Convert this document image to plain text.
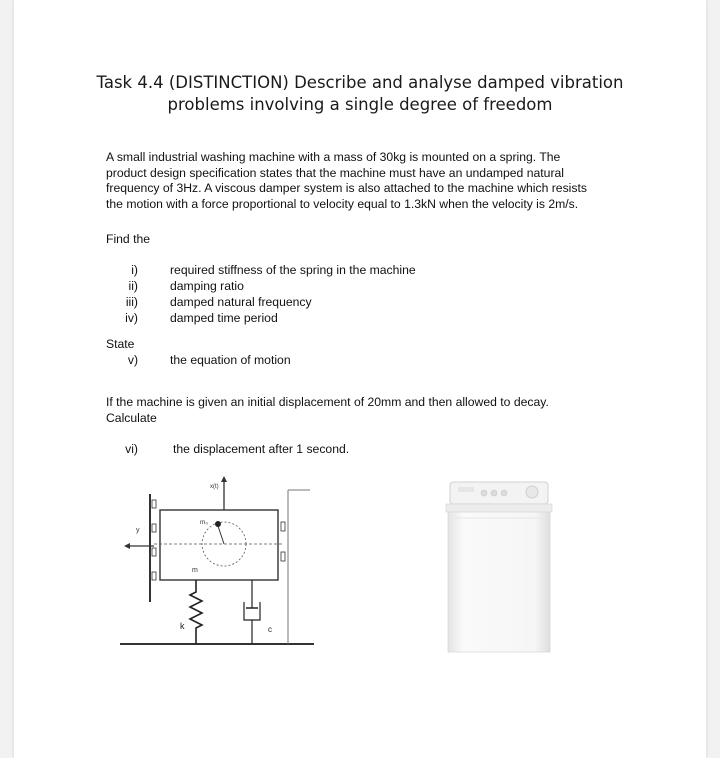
Task 4.4 (DISTINCTION) Describe and analyse damped vibration
problems involving a single degree of freedom
A small industrial washing machine with a mass of 30kg is mounted on a spring. The
product design specification states that the machine must have an undamped natural
frequency of 3Hz. A viscous damper system is also attached to the machine which resists
the motion with a force proportional to velocity equal to 1.3kN when the velocity is 2m/s.
Find the
i)	required stiffness of the spring in the machine
ii)	damping ratio
iii)	damped natural frequency
iv)	damped time period
State
v)	the equation of motion
If the machine is given an initial displacement of 20mm and then allowed to decay.
Calculate
vi)	the displacement after 1 second.
y
m
x(t)
m₀
k	c
